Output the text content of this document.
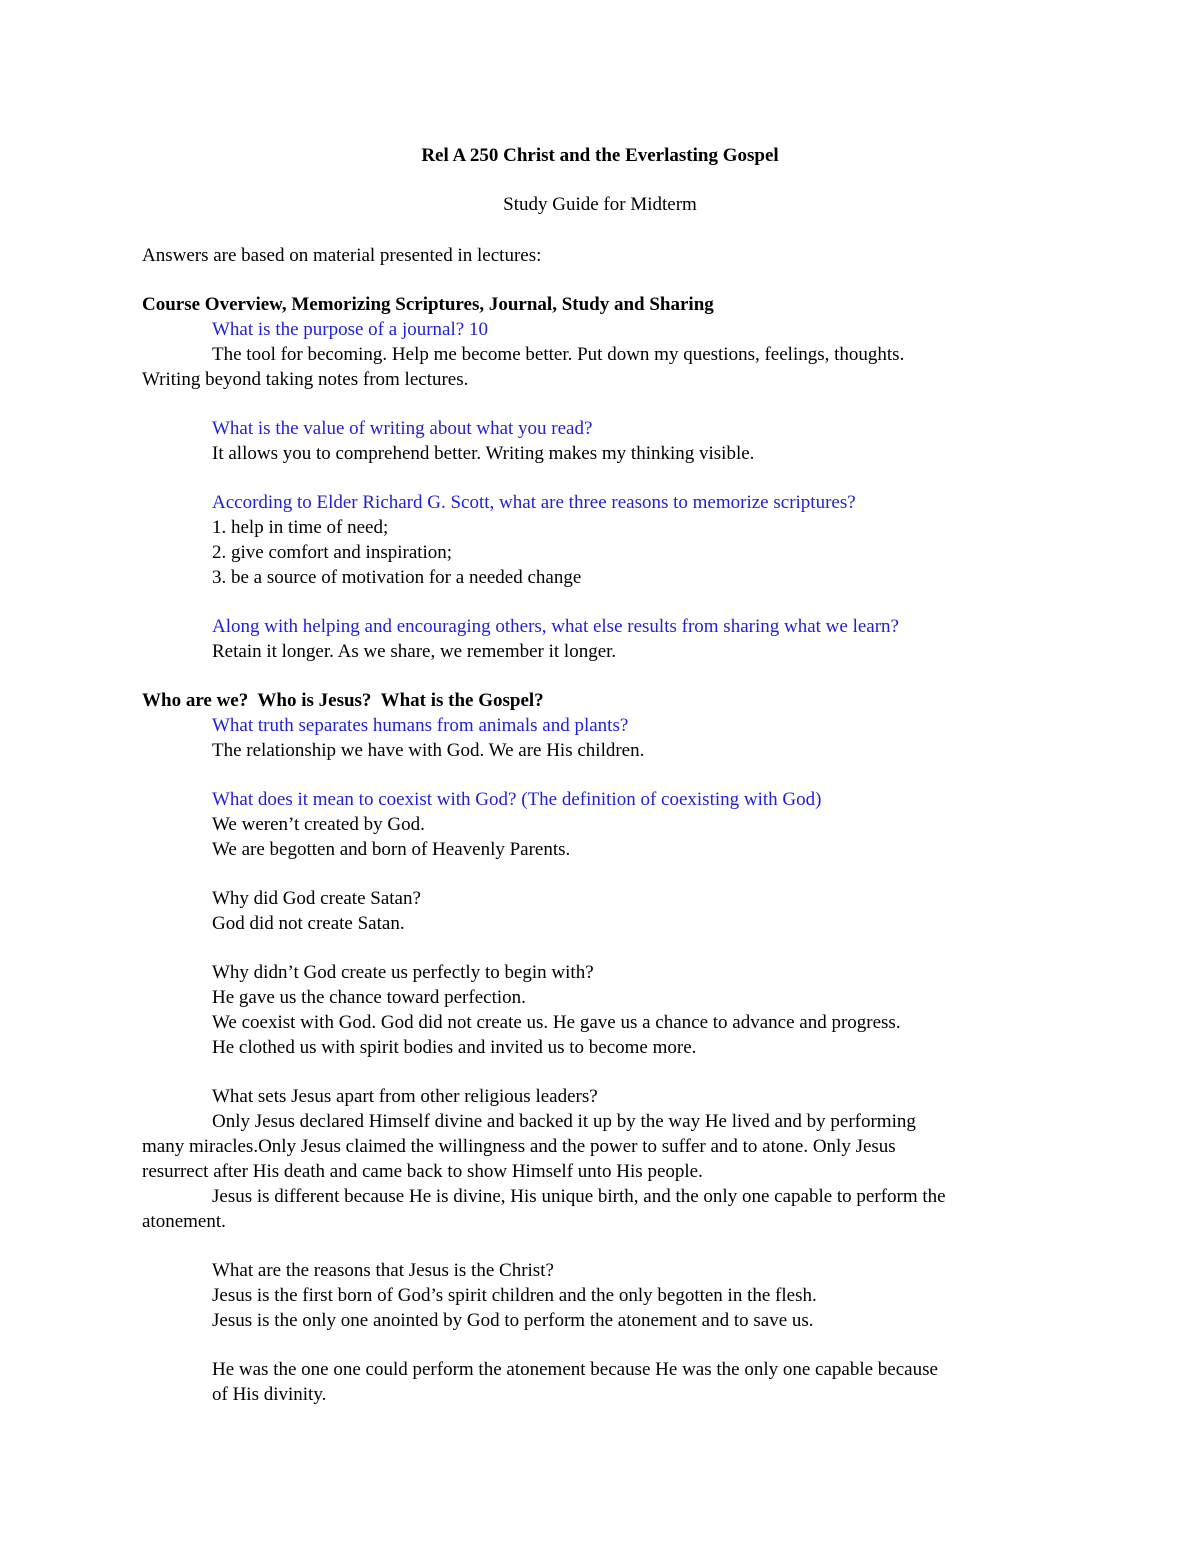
Rel A 250 Christ and the Everlasting Gospel
Study Guide for Midterm
Answers are based on material presented in lectures:
Course Overview, Memorizing Scriptures, Journal, Study and Sharing
What is the purpose of a journal? 10
The tool for becoming. Help me become better. Put down my questions, feelings, thoughts.
Writing beyond taking notes from lectures.
What is the value of writing about what you read?
It allows you to comprehend better. Writing makes my thinking visible.
According to Elder Richard G. Scott, what are three reasons to memorize scriptures?
1. help in time of need;
2. give comfort and inspiration;
3. be a source of motivation for a needed change
Along with helping and encouraging others, what else results from sharing what we learn?
Retain it longer. As we share, we remember it longer.
Who are we?  Who is Jesus?  What is the Gospel?
What truth separates humans from animals and plants?
The relationship we have with God. We are His children.
What does it mean to coexist with God? (The definition of coexisting with God)
We weren’t created by God.
We are begotten and born of Heavenly Parents.
Why did God create Satan?
God did not create Satan.
Why didn’t God create us perfectly to begin with?
He gave us the chance toward perfection.
We coexist with God. God did not create us. He gave us a chance to advance and progress.
He clothed us with spirit bodies and invited us to become more.
What sets Jesus apart from other religious leaders?
Only Jesus declared Himself divine and backed it up by the way He lived and by performing
many miracles.Only Jesus claimed the willingness and the power to suffer and to atone. Only Jesus
resurrect after His death and came back to show Himself unto His people.
Jesus is different because He is divine, His unique birth, and the only one capable to perform the
atonement.
What are the reasons that Jesus is the Christ?
Jesus is the first born of God’s spirit children and the only begotten in the flesh.
Jesus is the only one anointed by God to perform the atonement and to save us.
He was the one one could perform the atonement because He was the only one capable because
of His divinity.
